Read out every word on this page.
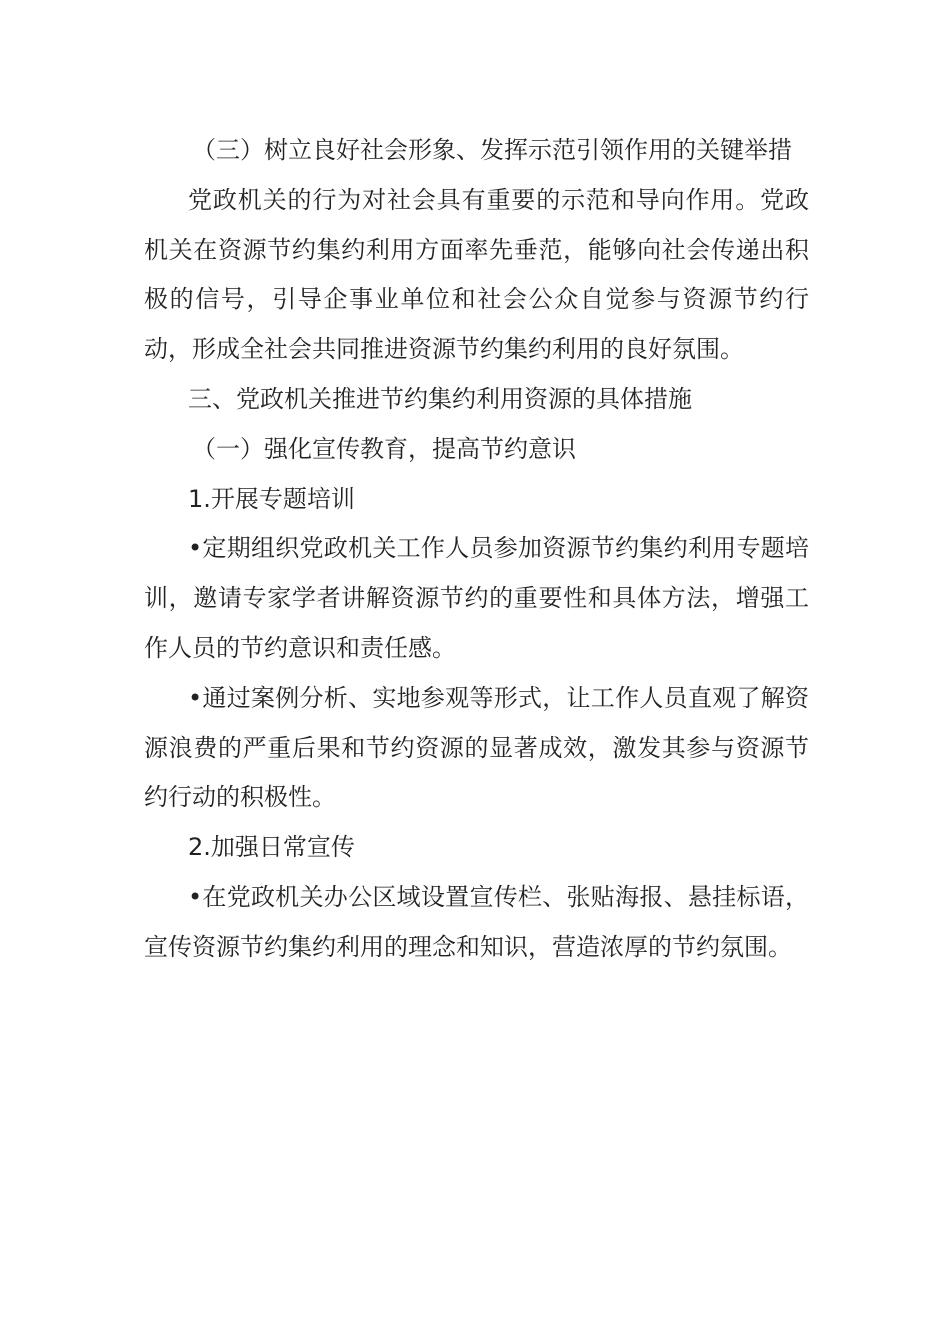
（三）树立良好社会形象、发挥示范引领作用的关键举措

党政机关的行为对社会具有重要的示范和导向作用。党政机关在资源节约集约利用方面率先垂范，能够向社会传递出积极的信号，引导企事业单位和社会公众自觉参与资源节约行动，形成全社会共同推进资源节约集约利用的良好氛围。

三、党政机关推进节约集约利用资源的具体措施

（一）强化宣传教育，提高节约意识

1.开展专题培训

•定期组织党政机关工作人员参加资源节约集约利用专题培训，邀请专家学者讲解资源节约的重要性和具体方法，增强工作人员的节约意识和责任感。

•通过案例分析、实地参观等形式，让工作人员直观了解资源浪费的严重后果和节约资源的显著成效，激发其参与资源节约行动的积极性。

2.加强日常宣传

•在党政机关办公区域设置宣传栏、张贴海报、悬挂标语，宣传资源节约集约利用的理念和知识，营造浓厚的节约氛围。
